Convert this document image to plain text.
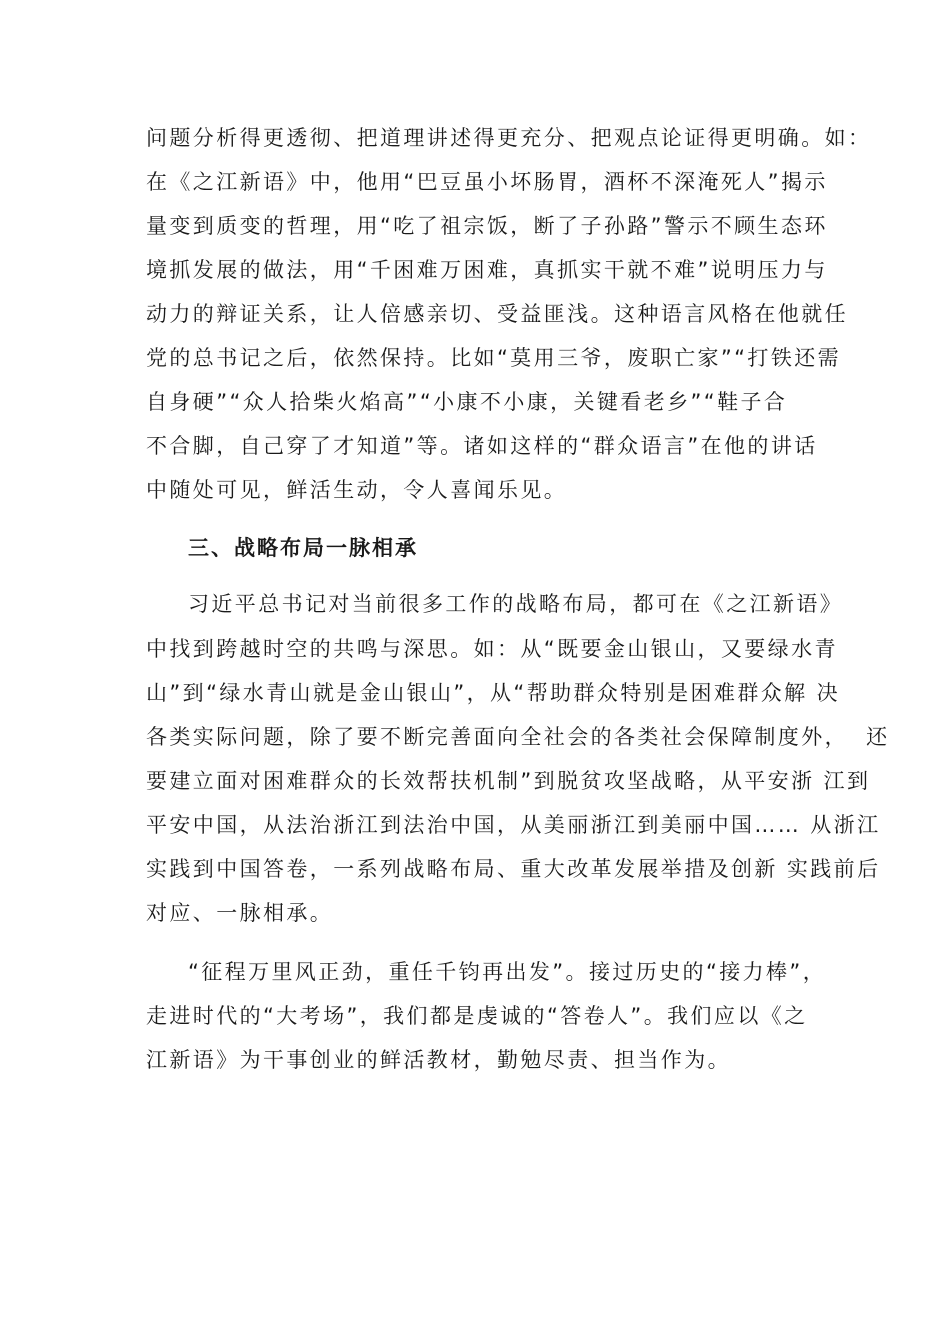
问题分析得更透彻、把道理讲述得更充分、把观点论证得更明确。如：
在《之江新语》中，他用“巴豆虽小坏肠胃，酒杯不深淹死人”揭示
量变到质变的哲理，用“吃了祖宗饭，断了子孙路”警示不顾生态环
境抓发展的做法，用“千困难万困难，真抓实干就不难”说明压力与
动力的辩证关系，让人倍感亲切、受益匪浅。这种语言风格在他就任
党的总书记之后，依然保持。比如“莫用三爷，废职亡家”“打铁还需
自身硬”“众人拾柴火焰高”“小康不小康，关键看老乡”“鞋子合
不合脚，自己穿了才知道”等。诸如这样的“群众语言”在他的讲话
中随处可见，鲜活生动，令人喜闻乐见。
三、战略布局一脉相承
习近平总书记对当前很多工作的战略布局，都可在《之江新语》
中找到跨越时空的共鸣与深思。如：从“既要金山银山，又要绿水青
山”到“绿水青山就是金山银山”，从“帮助群众特别是困难群众解 决
各类实际问题，除了要不断完善面向全社会的各类社会保障制度外，  还
要建立面对困难群众的长效帮扶机制”到脱贫攻坚战略，从平安浙 江到
平安中国，从法治浙江到法治中国，从美丽浙江到美丽中国…… 从浙江
实践到中国答卷，一系列战略布局、重大改革发展举措及创新 实践前后
对应、一脉相承。
“征程万里风正劲，重任千钧再出发”。接过历史的“接力棒”，
走进时代的“大考场”，我们都是虔诚的“答卷人”。我们应以《之
江新语》为干事创业的鲜活教材，勤勉尽责、担当作为。
